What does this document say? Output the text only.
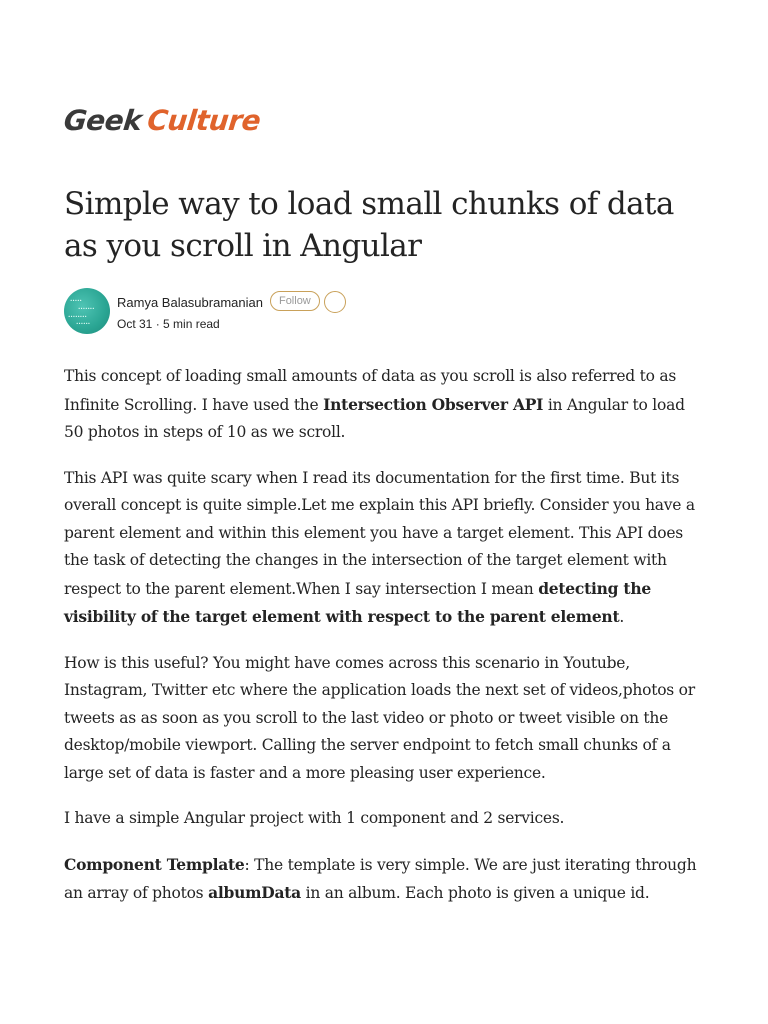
Geek Culture
Simple way to load small chunks of data as you scroll in Angular
•••••
•••••••
••••••••
••••••
Ramya Balasubramanian	Follow
Oct 31 · 5 min read

This concept of loading small amounts of data as you scroll is also referred to as Infinite Scrolling. I have used the Intersection Observer API in Angular to load 50 photos in steps of 10 as we scroll.

This API was quite scary when I read its documentation for the first time. But its overall concept is quite simple.Let me explain this API briefly. Consider you have a parent element and within this element you have a target element. This API does the task of detecting the changes in the intersection of the target element with respect to the parent element.When I say intersection I mean detecting the visibility of the target element with respect to the parent element.

How is this useful? You might have comes across this scenario in Youtube, Instagram, Twitter etc where the application loads the next set of videos,photos or tweets as as soon as you scroll to the last video or photo or tweet visible on the desktop/mobile viewport. Calling the server endpoint to fetch small chunks of a large set of data is faster and a more pleasing user experience.

I have a simple Angular project with 1 component and 2 services.

Component Template: The template is very simple. We are just iterating through an array of photos albumData in an album. Each photo is given a unique id.
